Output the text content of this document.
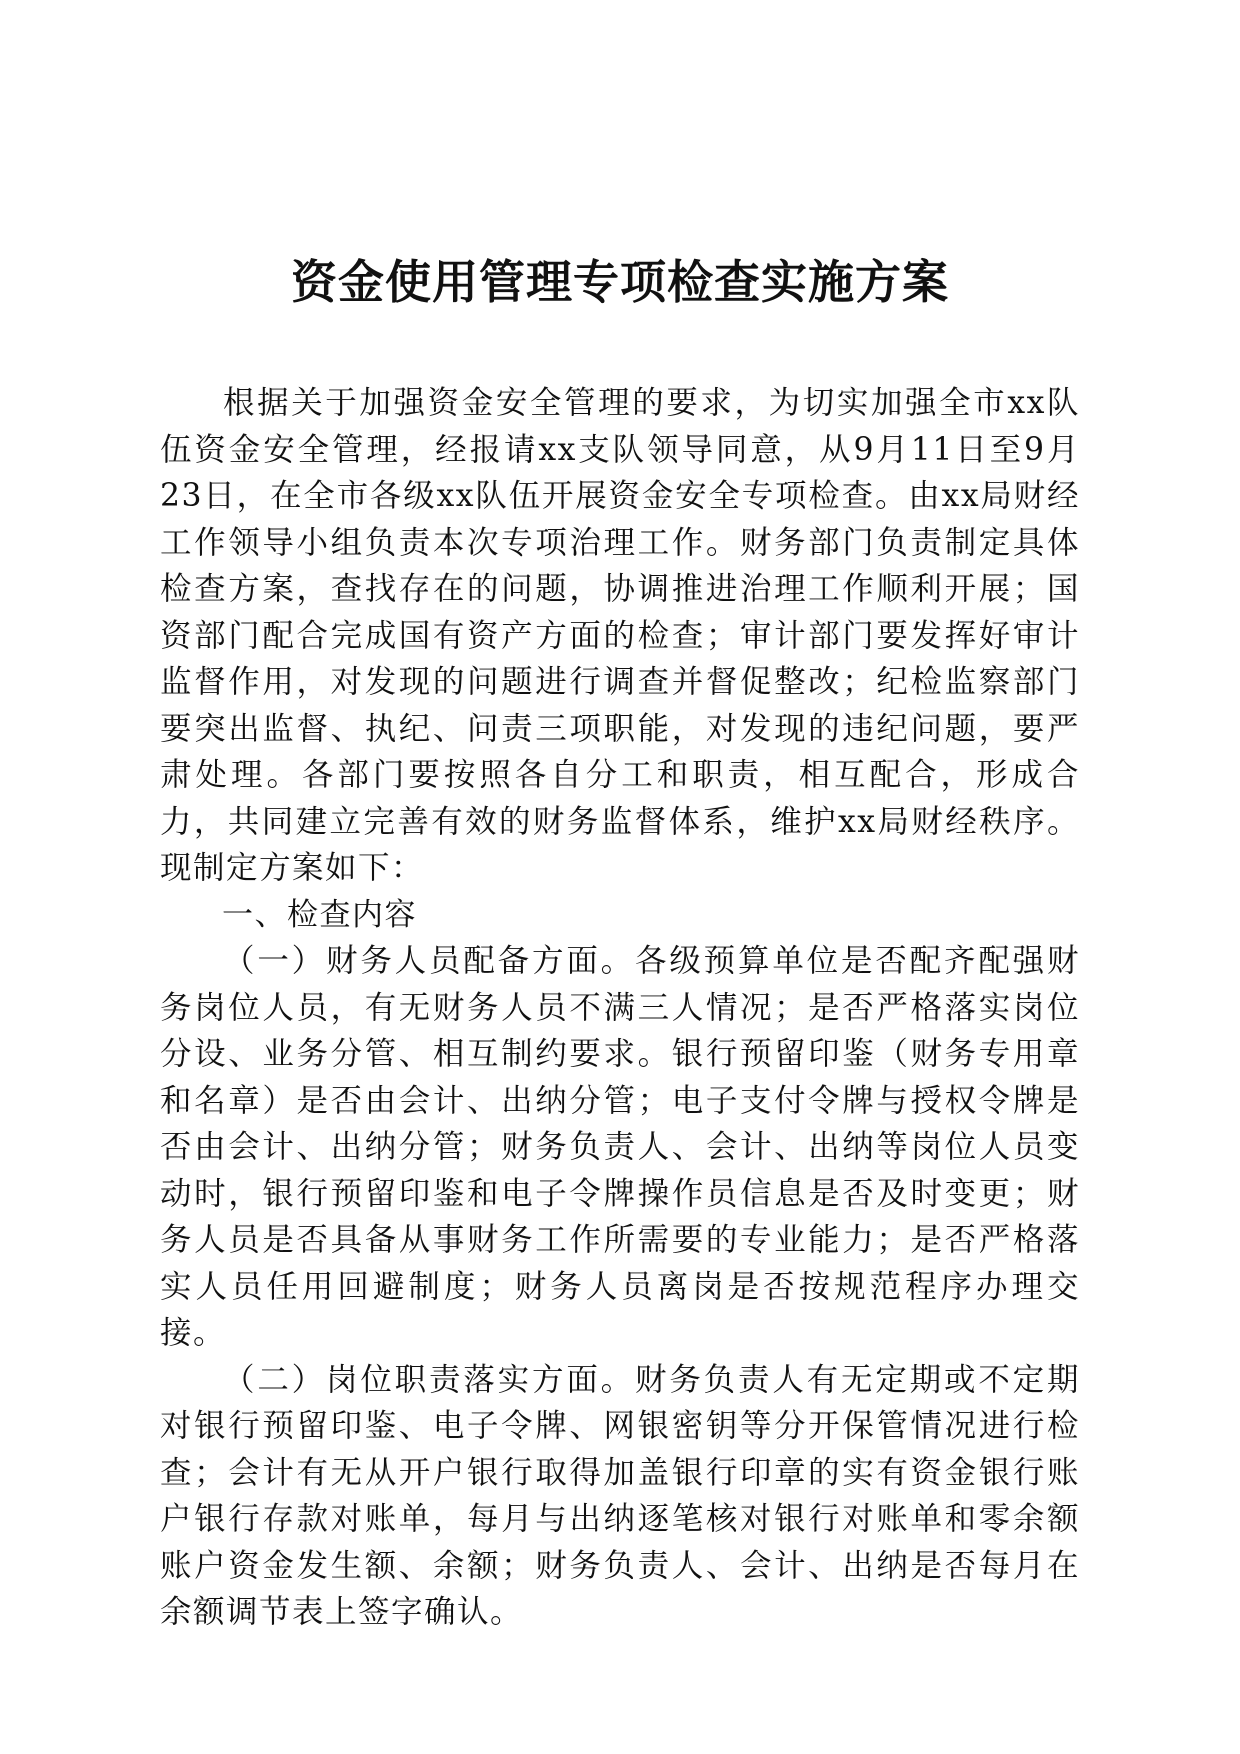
资金使用管理专项检查实施方案

根据关于加强资金安全管理的要求，为切实加强全市xx队伍资金安全管理，经报请xx支队领导同意，从9月11日至9月23日，在全市各级xx队伍开展资金安全专项检查。由xx局财经工作领导小组负责本次专项治理工作。财务部门负责制定具体检查方案，查找存在的问题，协调推进治理工作顺利开展；国资部门配合完成国有资产方面的检查；审计部门要发挥好审计监督作用，对发现的问题进行调查并督促整改；纪检监察部门要突出监督、执纪、问责三项职能，对发现的违纪问题，要严肃处理。各部门要按照各自分工和职责，相互配合，形成合力，共同建立完善有效的财务监督体系，维护xx局财经秩序。现制定方案如下：

一、检查内容

（一）财务人员配备方面。各级预算单位是否配齐配强财务岗位人员，有无财务人员不满三人情况；是否严格落实岗位分设、业务分管、相互制约要求。银行预留印鉴（财务专用章和名章）是否由会计、出纳分管；电子支付令牌与授权令牌是否由会计、出纳分管；财务负责人、会计、出纳等岗位人员变动时，银行预留印鉴和电子令牌操作员信息是否及时变更；财务人员是否具备从事财务工作所需要的专业能力；是否严格落实人员任用回避制度；财务人员离岗是否按规范程序办理交接。

（二）岗位职责落实方面。财务负责人有无定期或不定期对银行预留印鉴、电子令牌、网银密钥等分开保管情况进行检查；会计有无从开户银行取得加盖银行印章的实有资金银行账户银行存款对账单，每月与出纳逐笔核对银行对账单和零余额账户资金发生额、余额；财务负责人、会计、出纳是否每月在余额调节表上签字确认。
